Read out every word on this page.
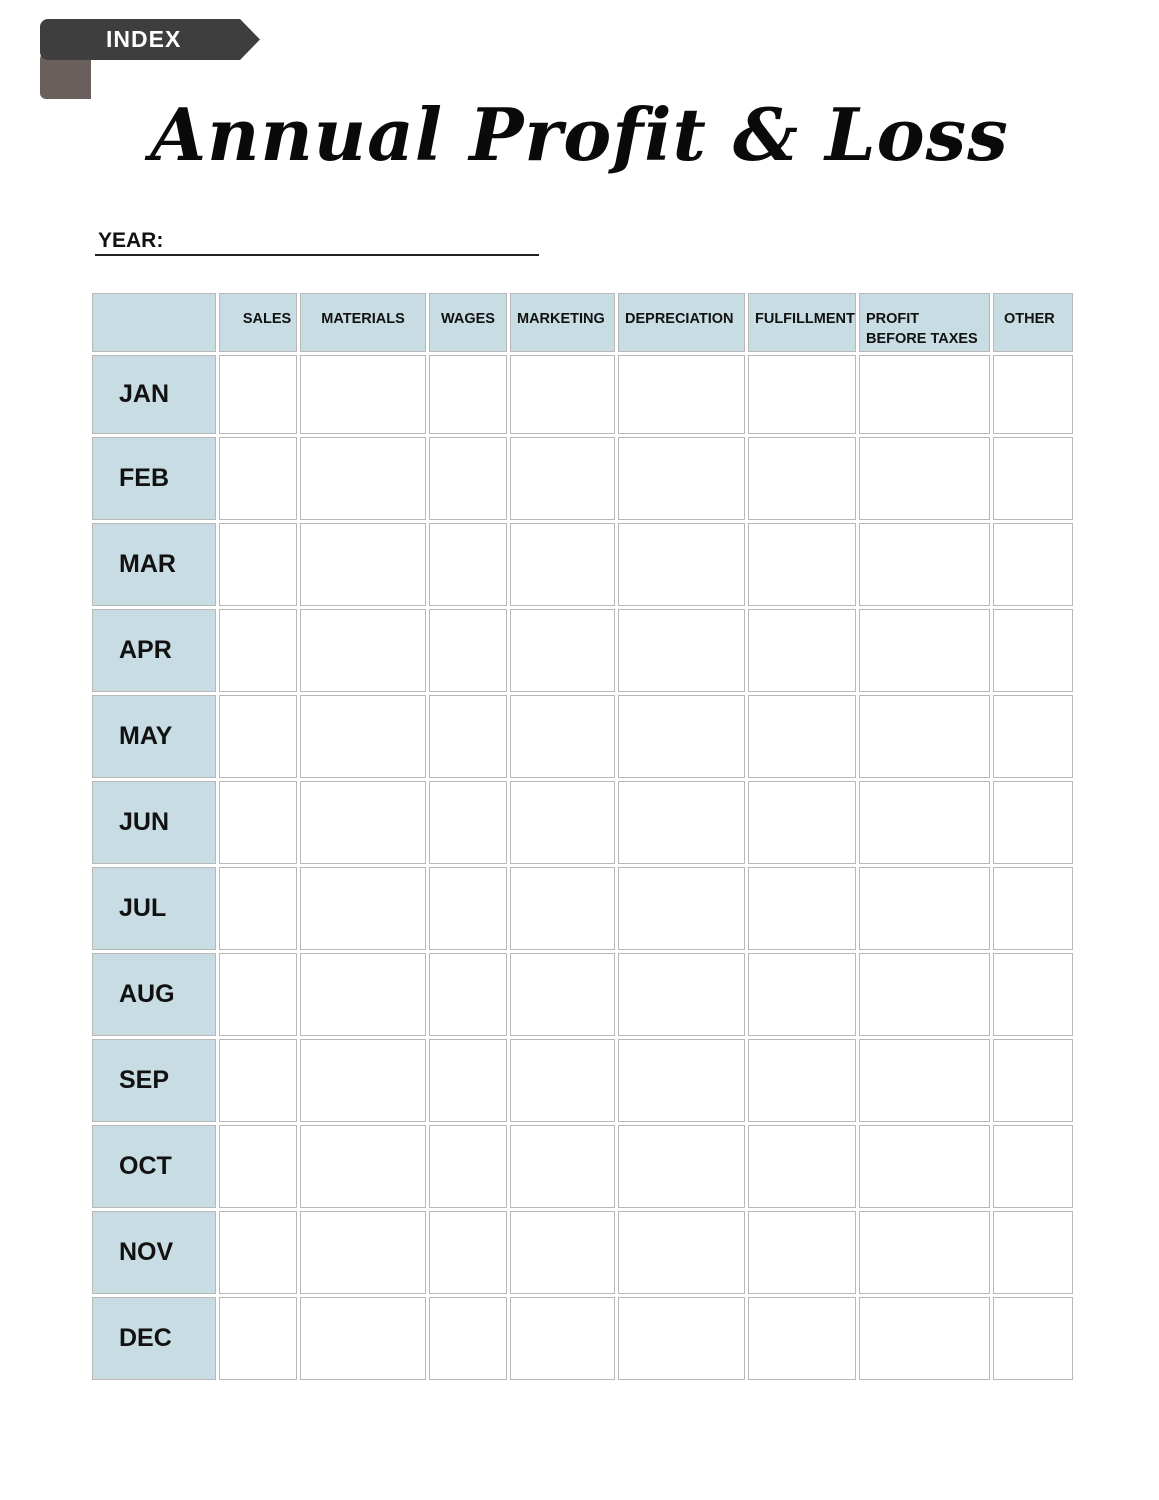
INDEX
Annual Profit & Loss
YEAR:
	SALES	MATERIALS	WAGES	MARKETING	DEPRECIATION	FULFILLMENT	PROFIT BEFORE TAXES	OTHER
JAN								
FEB								
MAR								
APR								
MAY								
JUN								
JUL								
AUG								
SEP								
OCT								
NOV								
DEC								
